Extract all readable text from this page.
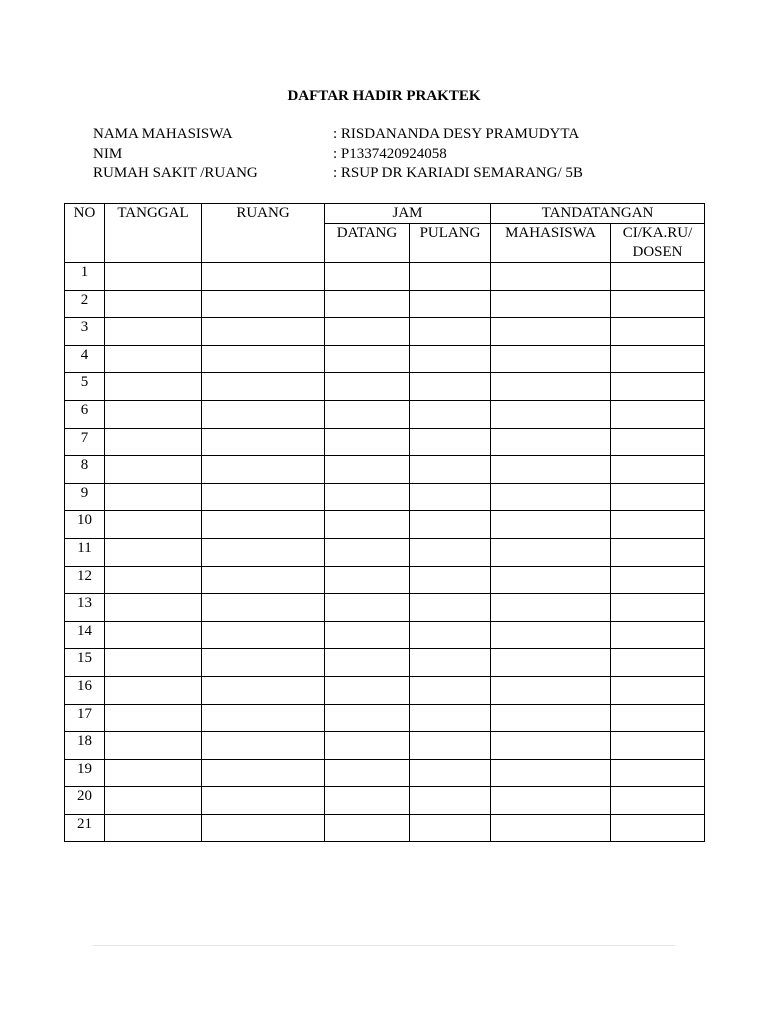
DAFTAR HADIR PRAKTEK
NAMA MAHASISWA	: RISDANANDA DESY PRAMUDYTA
NIM	: P1337420924058
RUMAH SAKIT /RUANG	: RSUP DR KARIADI SEMARANG/ 5B
NO	TANGGAL	RUANG	JAM		TANDATANGAN	
			DATANG	PULANG	MAHASISWA	CI/KA.RU/ DOSEN
1						
2						
3						
4						
5						
6						
7						
8						
9						
10						
11						
12						
13						
14						
15						
16						
17						
18						
19						
20						
21						
